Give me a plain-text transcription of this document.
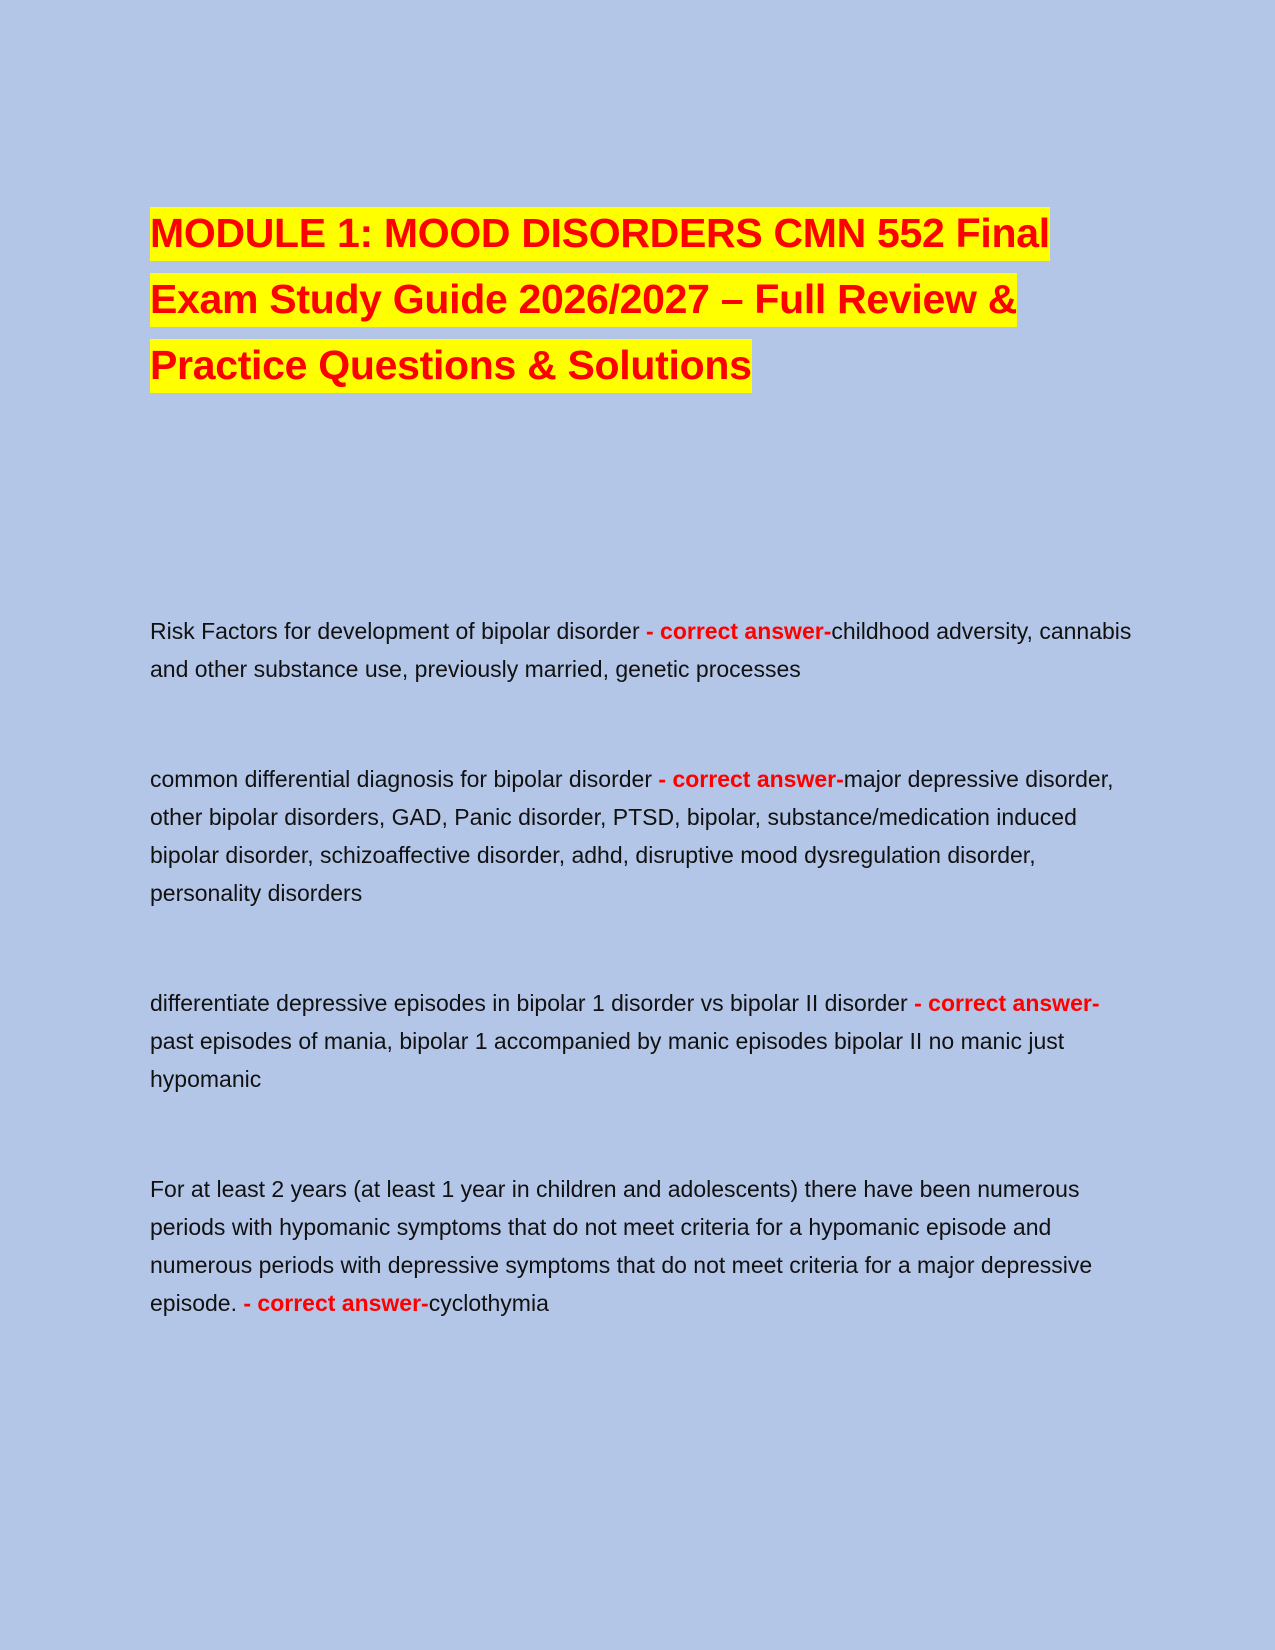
MODULE 1: MOOD DISORDERS CMN 552 Final
Exam Study Guide 2026/2027 – Full Review &
Practice Questions & Solutions

Risk Factors for development of bipolar disorder - correct answer-childhood adversity, cannabis and other substance use, previously married, genetic processes

common differential diagnosis for bipolar disorder - correct answer-major depressive disorder, other bipolar disorders, GAD, Panic disorder, PTSD, bipolar, substance/medication induced bipolar disorder, schizoaffective disorder, adhd, disruptive mood dysregulation disorder, personality disorders

differentiate depressive episodes in bipolar 1 disorder vs bipolar II disorder - correct answer-past episodes of mania, bipolar 1 accompanied by manic episodes bipolar II no manic just hypomanic

For at least 2 years (at least 1 year in children and adolescents) there have been numerous periods with hypomanic symptoms that do not meet criteria for a hypomanic episode and numerous periods with depressive symptoms that do not meet criteria for a major depressive episode. - correct answer-cyclothymia
